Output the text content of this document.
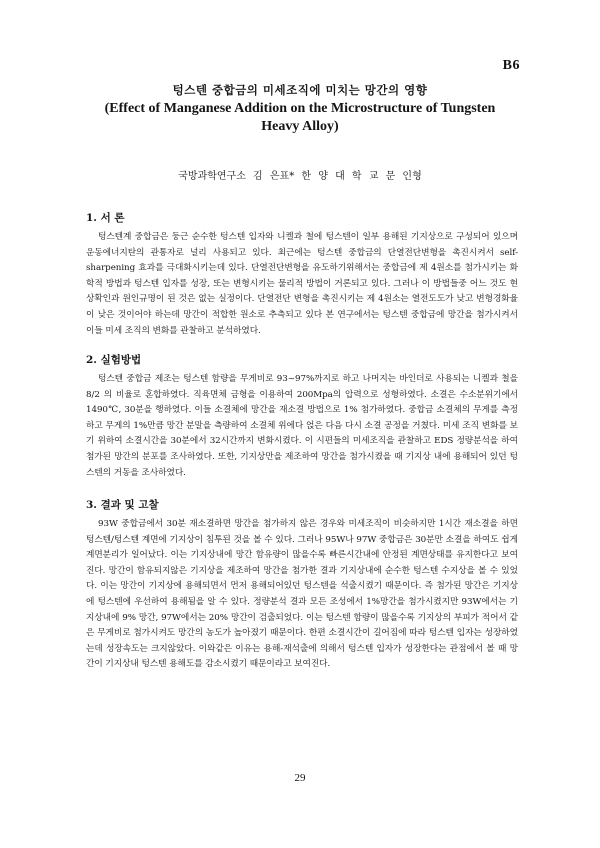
B6
텅스텐 중합금의 미세조직에 미치는 망간의 영향
(Effect of Manganese Addition on the Microstructure of Tungsten Heavy Alloy)
국방과학연구소 김 은표* 한 양 대 학 교 문 인형
1. 서 론

텅스텐계 중합금은 둥근 순수한 텅스텐 입자와 니켈과 철에 텅스텐이 일부 용해된 기지상으로 구성되어 있으며 운동에너지탄의 관통자로 널리 사용되고 있다. 최근에는 텅스텐 중합금의 단열전단변형을 촉진시켜서 self-sharpening 효과를 극대화시키는데 있다. 단열전단변형을 유도하기위해서는 중합금에 제 4원소를 첨가시키는 화학적 방법과 텅스텐 입자를 성장, 또는 변형시키는 물리적 방법이 거론되고 있다. 그러나 이 방법들중 어느 것도 현상확인과 원인규명이 된 것은 없는 실정이다. 단열전단 변형을 촉진시키는 제 4원소는 열전도도가 낮고 변형경화율이 낮은 것이어야 하는데 망간이 적합한 원소로 추측되고 있다 본 연구에서는 텅스텐 중합금에 망간을 첨가시켜서 이들 미세 조직의 변화를 관찰하고 분석하였다.

2. 실험방법

텅스텐 중합금 제조는 텅스텐 함량을 무게비로 93~97%까지로 하고 나머지는 바인더로 사용되는 니켈과 철을 8/2 의 비율로 혼합하였다. 직육면체 금형을 이용하여 200Mpa의 압력으로 성형하였다. 소결은 수소분위기에서 1490℃, 30분을 행하였다. 이들 소결체에 망간을 재소결 방법으로 1% 첨가하였다. 중합금 소결체의 무게를 측정하고 무게의 1%만큼 망간 분말을 측량하여 소결체 위에다 얹은 다음 다시 소결 공정을 거쳤다. 미세 조직 변화를 보기 위하여 소결시간을 30분에서 32시간까지 변화시켰다. 이 시편들의 미세조직을 관찰하고 EDS 정량분석을 하여 첨가된 망간의 분포를 조사하였다. 또한, 기지상만을 제조하여 망간을 첨가시켰을 때 기지상 내에 용해되어 있던 텅스텐의 거동을 조사하였다.

3. 결과 및 고찰

93W 중합금에서 30분 재소결하면 망간을 첨가하지 않은 경우와 미세조직이 비슷하지만 1시간 재소결을 하면 텅스텐/텅스텐 계면에 기지상이 침투된 것을 볼 수 있다. 그러나 95W나 97W 중합금은 30분만 소결을 하여도 쉽게 계면분리가 일어났다. 이는 기지상내에 망간 함유량이 많을수록 빠른시간내에 안정된 계면상태를 유지한다고 보여진다. 망간이 함유되지않은 기지상을 제조하여 망간을 첨가한 결과 기지상내에 순수한 텅스텐 수지상을 볼 수 있었다. 이는 망간이 기지상에 용해되면서 먼저 용해되어있던 텅스텐을 석출시켰기 때문이다. 즉 첨가된 망간은 기지상에 텅스텐에 우선하여 용해됨을 알 수 있다. 정량분석 결과 모든 조성에서 1%망간을 첨가시켰지만 93W에서는 기지상내에 9% 망간, 97W에서는 20% 망간이 검출되었다. 이는 텅스텐 함량이 많을수록 기지상의 부피가 적어서 같은 무게비로 첨가시켜도 망간의 농도가 높아졌기 때문이다. 한편 소결시간이 길어짐에 따라 텅스텐 입자는 성장하였는데 성장속도는 크지않았다. 이와같은 이유는 용해-재석출에 의해서 텅스텐 입자가 성장한다는 관점에서 볼 때 망간이 기지상내 텅스텐 용해도를 감소시켰기 때문이라고 보여진다.

29
